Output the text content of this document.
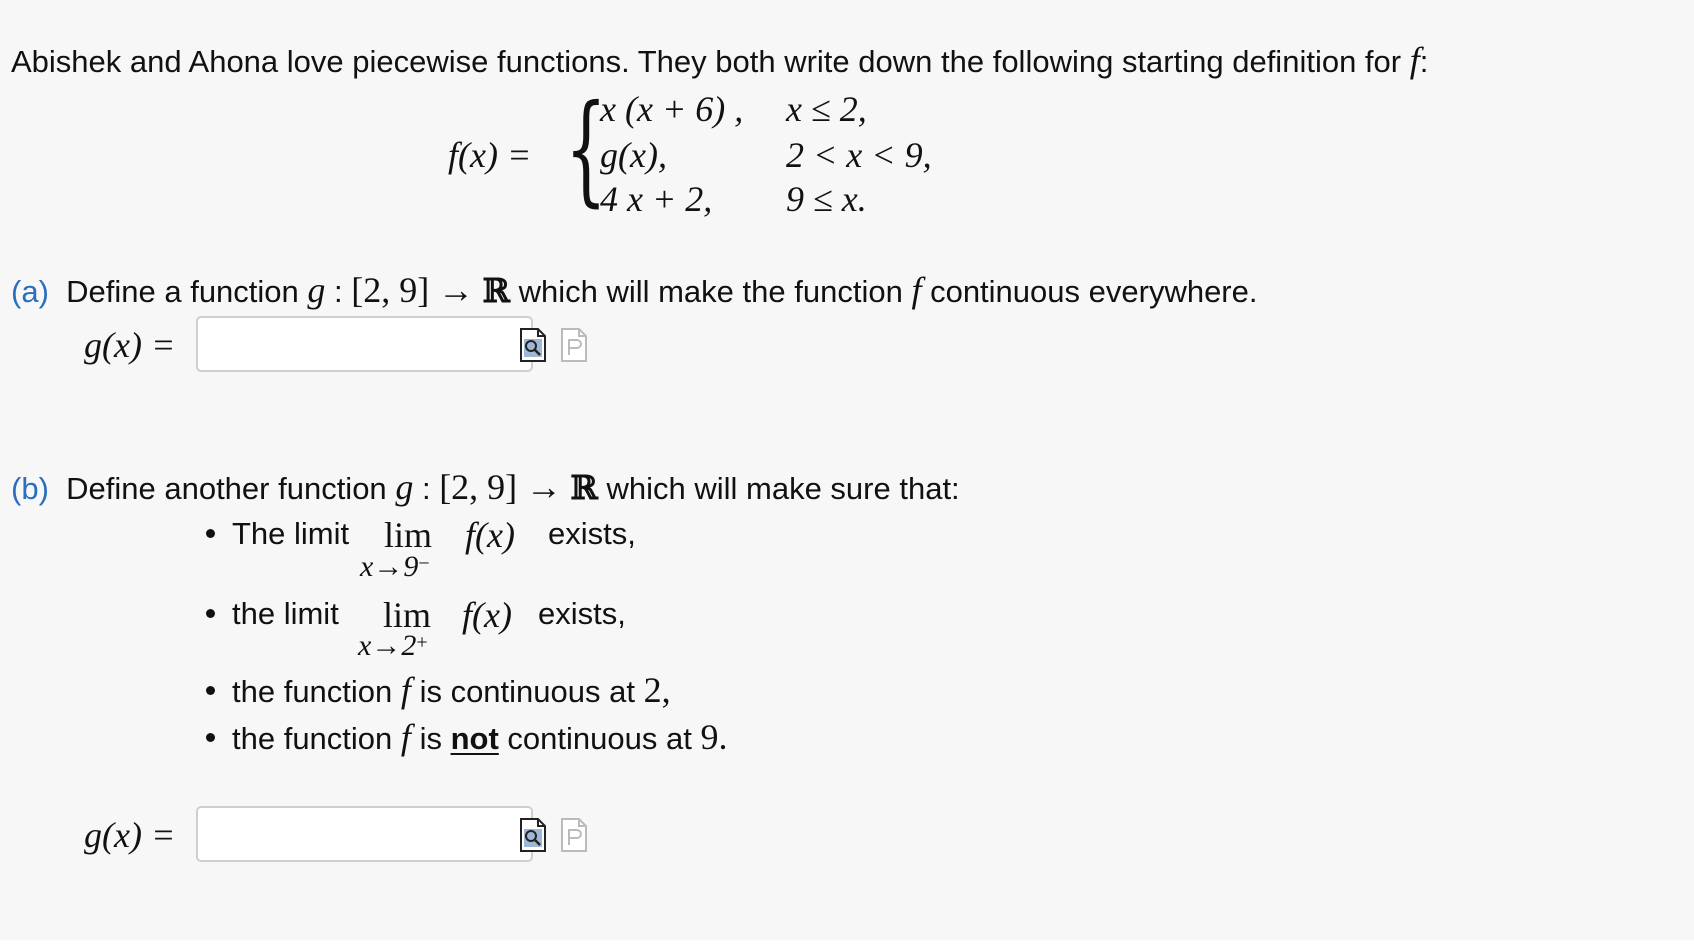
Abishek and Ahona love piecewise functions. They both write down the following starting definition for f:
f(x) = {
x (x + 6) , x ≤ 2,
g(x),	2 < x < 9,
4 x + 2, 9 ≤ x.
(a) Define a function g : [2, 9] → ℝ which will make the function f continuous everywhere.
g(x) =
(b) Define another function g : [2, 9] → ℝ which will make sure that:
The limit lim
x→9−
f(x) exists,
the limit lim
x→2+
f(x) exists,
the function f is continuous at 2,
the function f is not continuous at 9.
g(x) =
